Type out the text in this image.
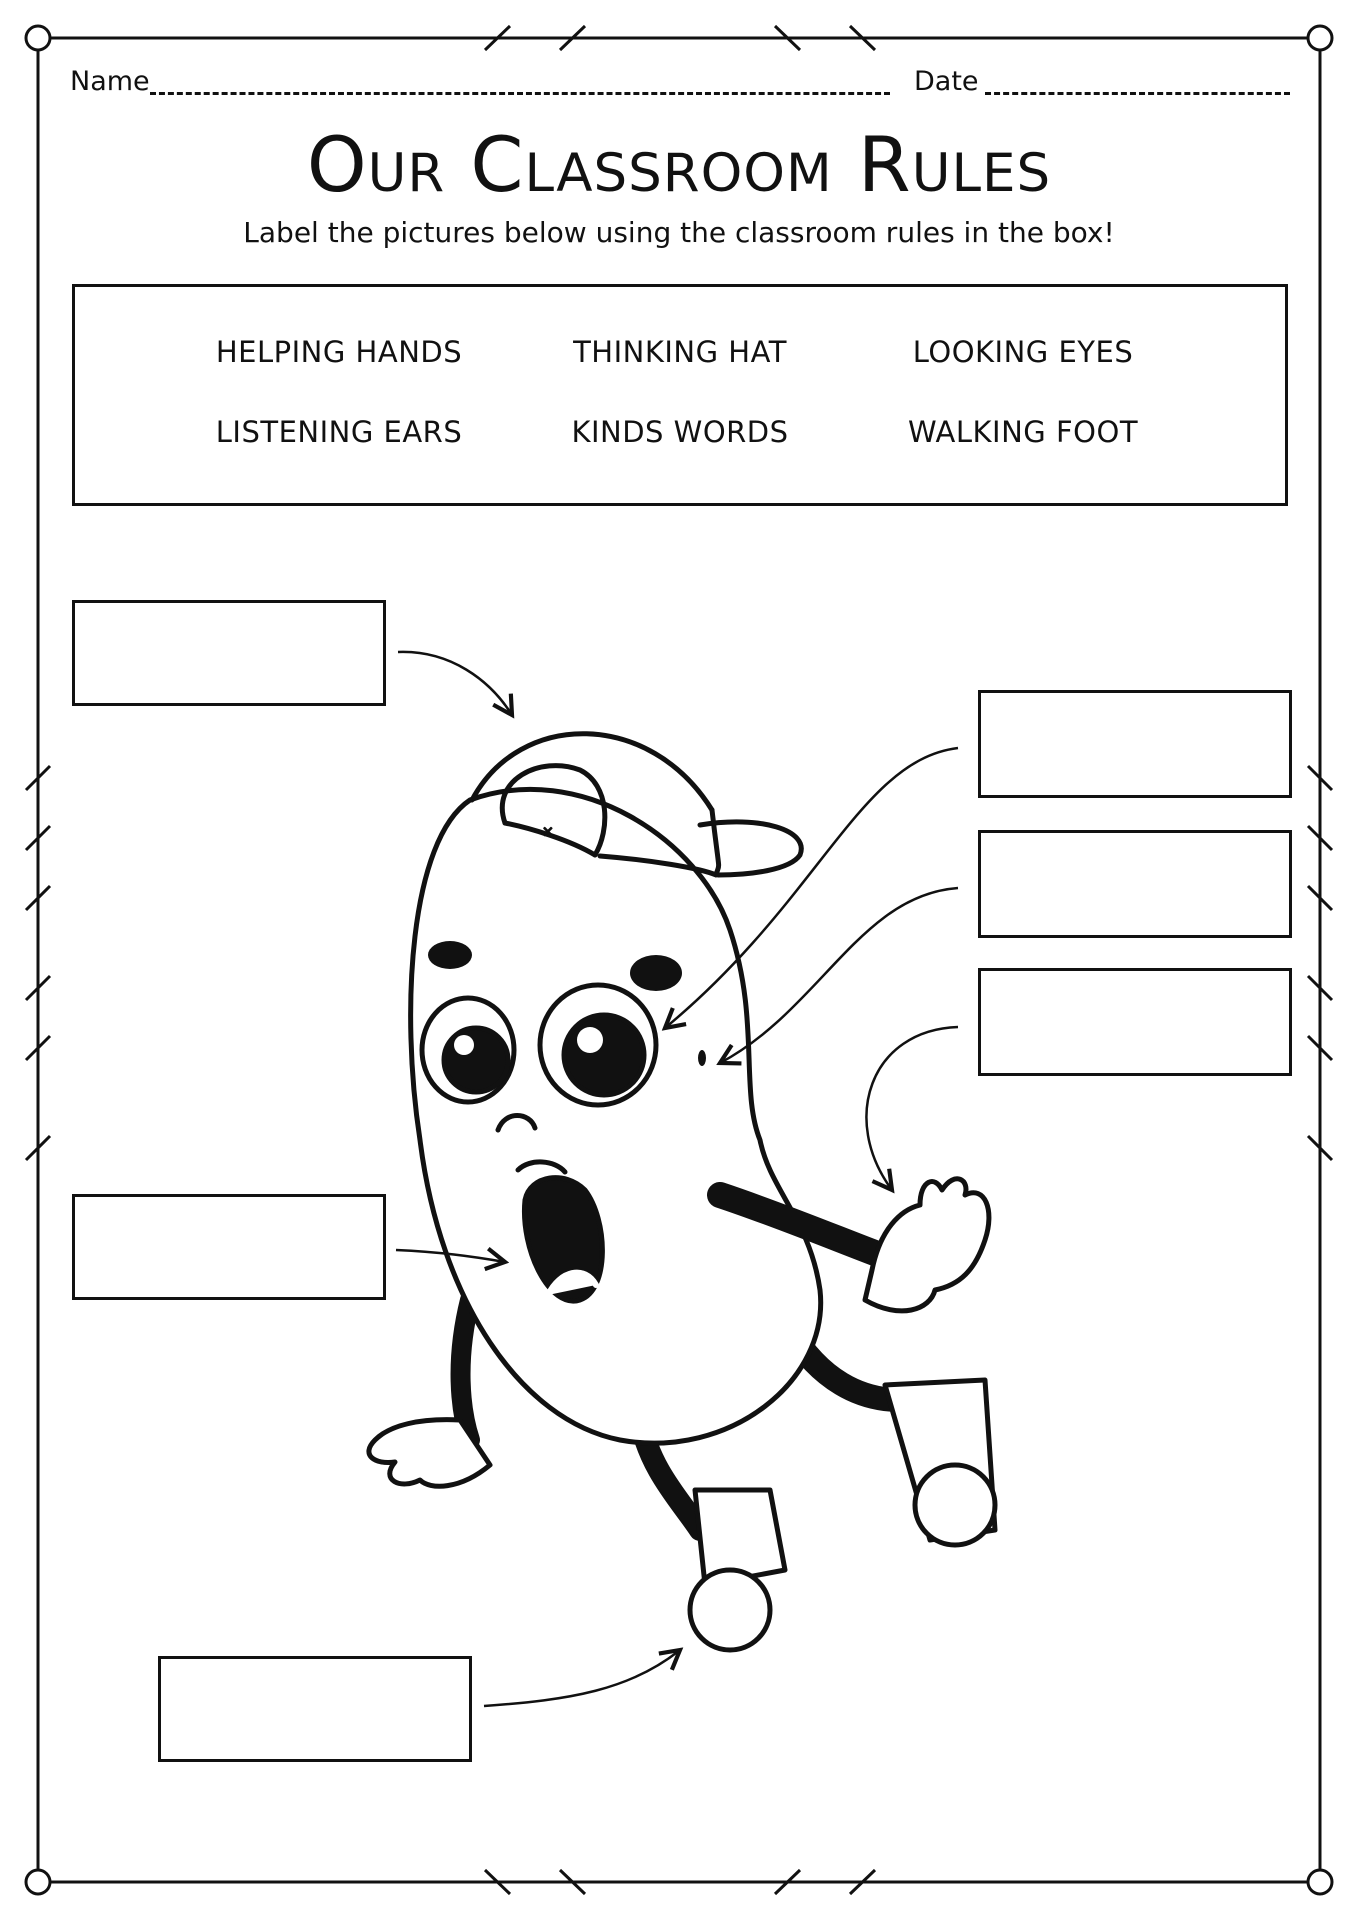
×
Name	Date
Our Classroom Rules
Label the pictures below using the classroom rules in the box!
HELPING HANDS	THINKING HAT	LOOKING EYES
LISTENING EARS	KINDS WORDS	WALKING FOOT
